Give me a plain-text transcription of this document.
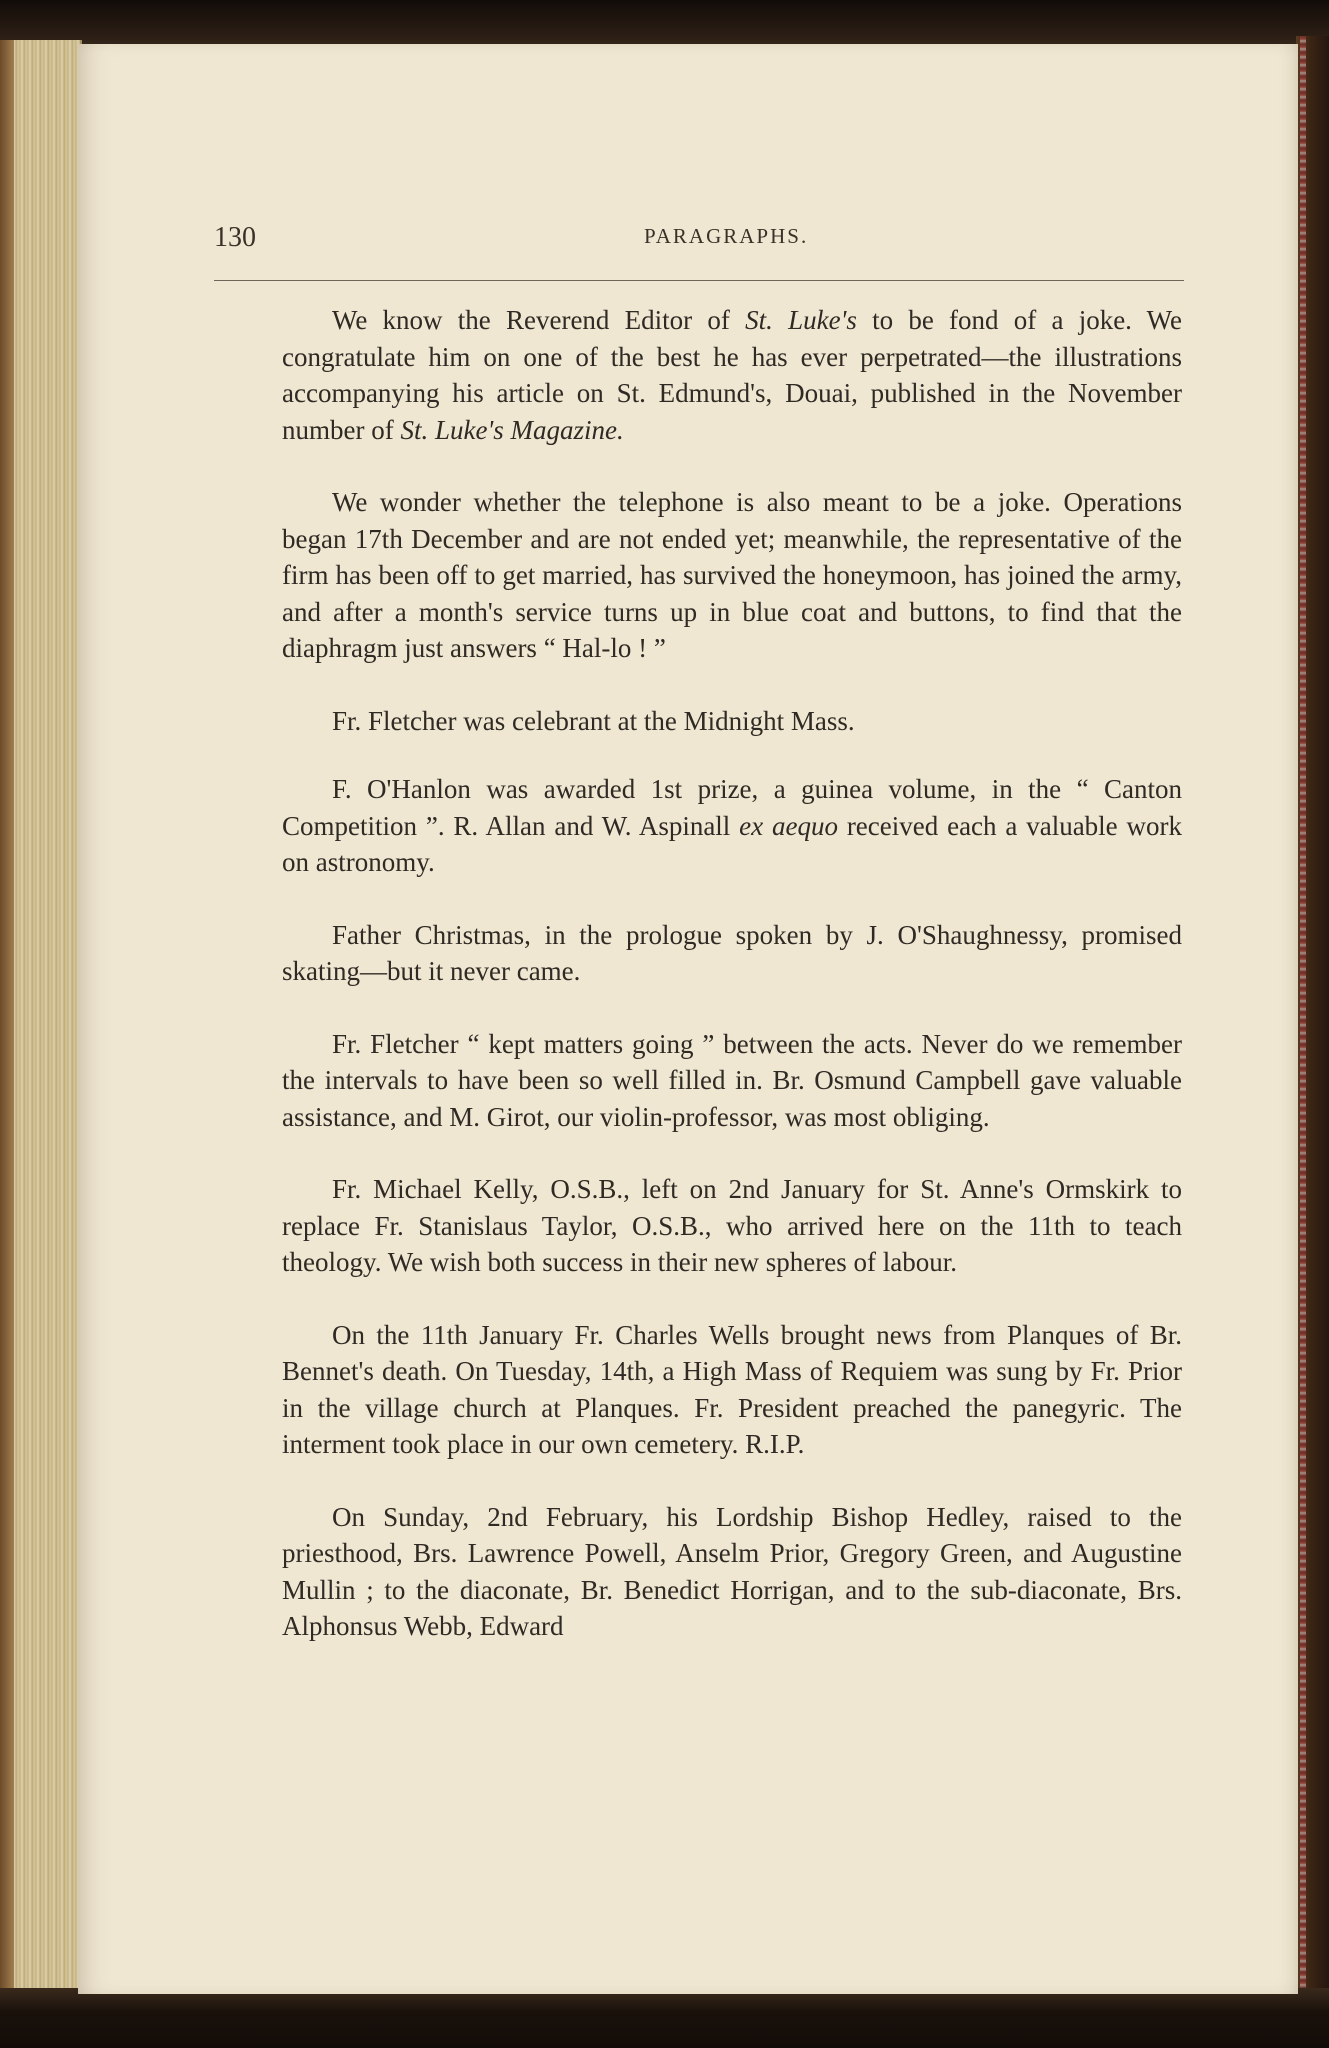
130	PARAGRAPHS.

We know the Reverend Editor of St. Luke's to be fond of a joke. We congratulate him on one of the best he has ever perpetrated—the illustrations accompanying his article on St. Edmund's, Douai, published in the November number of St. Luke's Magazine.

We wonder whether the telephone is also meant to be a joke. Operations began 17th December and are not ended yet; meanwhile, the representative of the firm has been off to get married, has survived the honeymoon, has joined the army, and after a month's service turns up in blue coat and buttons, to find that the diaphragm just answers “ Hal-lo ! ”

Fr. Fletcher was celebrant at the Midnight Mass.

F. O'Hanlon was awarded 1st prize, a guinea volume, in the “ Canton Competition ”. R. Allan and W. Aspinall ex aequo received each a valuable work on astronomy.

Father Christmas, in the prologue spoken by J. O'Shaughnessy, promised skating—but it never came.

Fr. Fletcher “ kept matters going ” between the acts. Never do we remember the intervals to have been so well filled in. Br. Osmund Campbell gave valuable assistance, and M. Girot, our violin-professor, was most obliging.

Fr. Michael Kelly, O.S.B., left on 2nd January for St. Anne's Ormskirk to replace Fr. Stanislaus Taylor, O.S.B., who arrived here on the 11th to teach theology. We wish both success in their new spheres of labour.

On the 11th January Fr. Charles Wells brought news from Planques of Br. Bennet's death. On Tuesday, 14th, a High Mass of Requiem was sung by Fr. Prior in the village church at Planques. Fr. President preached the panegyric. The interment took place in our own cemetery. R.I.P.

On Sunday, 2nd February, his Lordship Bishop Hedley, raised to the priesthood, Brs. Lawrence Powell, Anselm Prior, Gregory Green, and Augustine Mullin ; to the diaconate, Br. Benedict Horrigan, and to the sub-diaconate, Brs. Alphonsus Webb, Edward
